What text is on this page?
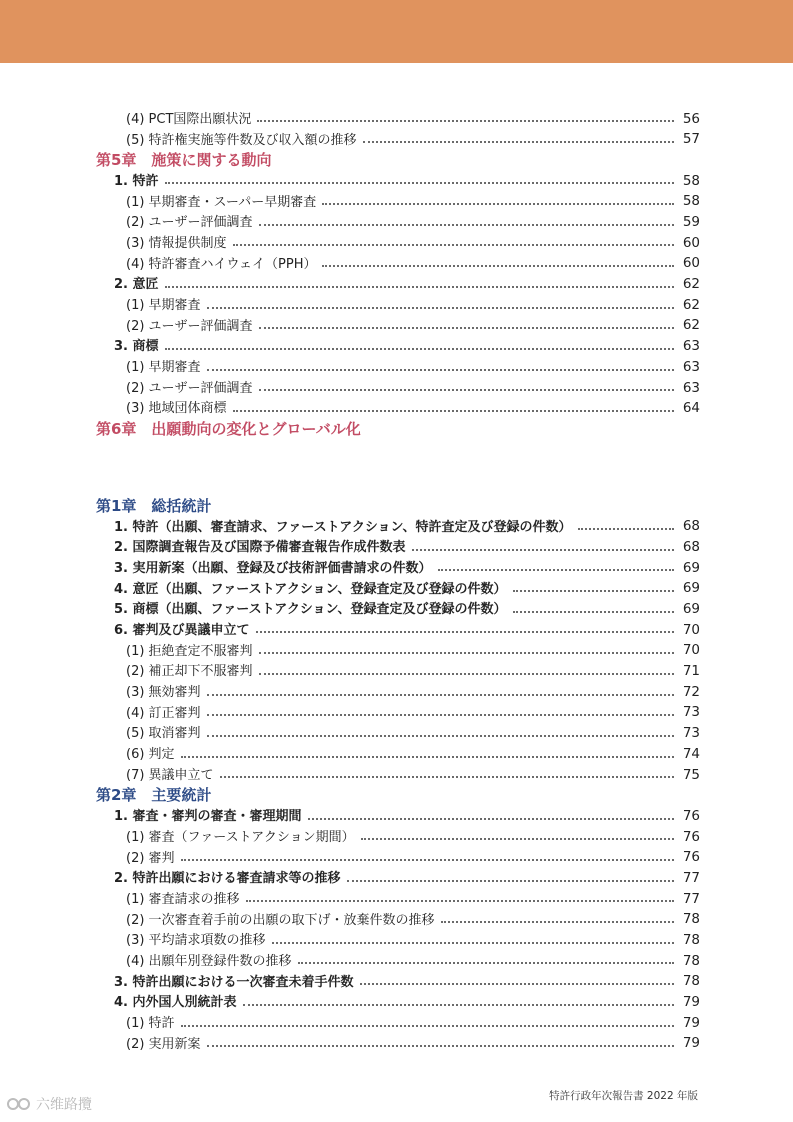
(4) PCT国際出願状況	56
(5) 特許権実施等件数及び収入額の推移	57
第5章　施策に関する動向
1. 特許	58
(1) 早期審査・スーパー早期審査	58
(2) ユーザー評価調査	59
(3) 情報提供制度	60
(4) 特許審査ハイウェイ（PPH）	60
2. 意匠	62
(1) 早期審査	62
(2) ユーザー評価調査	62
3. 商標	63
(1) 早期審査	63
(2) ユーザー評価調査	63
(3) 地域団体商標	64
第6章　出願動向の変化とグローバル化
第1章　総括統計
1. 特許（出願、審査請求、ファーストアクション、特許査定及び登録の件数）	68
2. 国際調査報告及び国際予備審査報告作成件数表	68
3. 実用新案（出願、登録及び技術評価書請求の件数）	69
4. 意匠（出願、ファーストアクション、登録査定及び登録の件数）	69
5. 商標（出願、ファーストアクション、登録査定及び登録の件数）	69
6. 審判及び異議申立て	70
(1) 拒絶査定不服審判	70
(2) 補正却下不服審判	71
(3) 無効審判	72
(4) 訂正審判	73
(5) 取消審判	73
(6) 判定	74
(7) 異議申立て	75
第2章　主要統計
1. 審査・審判の審査・審理期間	76
(1) 審査（ファーストアクション期間）	76
(2) 審判	76
2. 特許出願における審査請求等の推移	77
(1) 審査請求の推移	77
(2) 一次審査着手前の出願の取下げ・放棄件数の推移	78
(3) 平均請求項数の推移	78
(4) 出願年別登録件数の推移	78
3. 特許出願における一次審査未着手件数	78
4. 内外国人別統計表	79
(1) 特許	79
(2) 実用新案	79
特許行政年次報告書 2022 年版
六维路攬
